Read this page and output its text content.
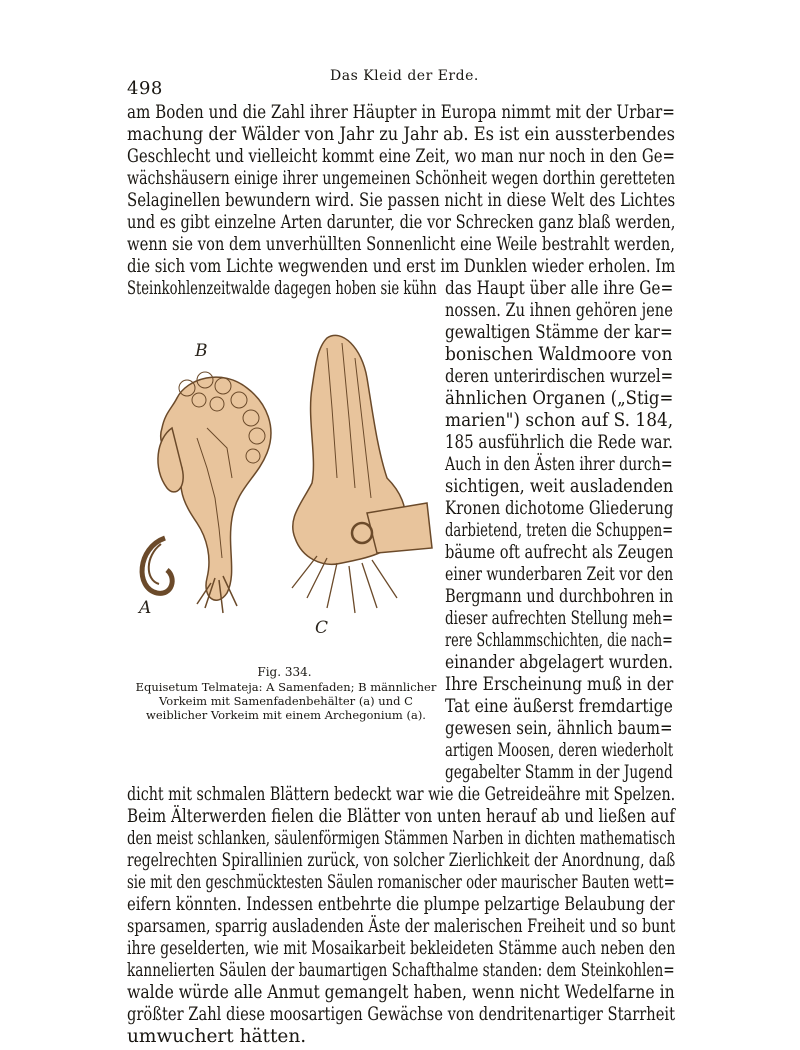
498
Das Kleid der Erde.
am Boden und die Zahl ihrer Häupter in Europa nimmt mit der Urbar=
machung der Wälder von Jahr zu Jahr ab. Es ist ein aussterbendes
Geschlecht und vielleicht kommt eine Zeit, wo man nur noch in den Ge=
wächshäusern einige ihrer ungemeinen Schönheit wegen dorthin geretteten
Selaginellen bewundern wird. Sie passen nicht in diese Welt des Lichtes
und es gibt einzelne Arten darunter, die vor Schrecken ganz blaß werden,
wenn sie von dem unverhüllten Sonnenlicht eine Weile bestrahlt werden,
die sich vom Lichte wegwenden und erst im Dunklen wieder erholen. Im
Steinkohlenzeitwalde dagegen hoben sie kühn das Haupt über alle ihre Ge=
nossen. Zu ihnen gehören jene
gewaltigen Stämme der kar=
bonischen Waldmoore von
deren unterirdischen wurzel=
ähnlichen Organen („Stig=
marien") schon auf S. 184,
185 ausführlich die Rede war.
Auch in den Ästen ihrer durch=
sichtigen, weit ausladenden
Kronen dichotome Gliederung
darbietend, treten die Schuppen=
bäume oft aufrecht als Zeugen
einer wunderbaren Zeit vor den
Bergmann und durchbohren in
dieser aufrechten Stellung meh=
rere Schlammschichten, die nach=
einander abgelagert wurden.
Ihre Erscheinung muß in der
Tat eine äußerst fremdartige
gewesen sein, ähnlich baum=
artigen Moosen, deren wiederholt
gegabelter Stamm in der Jugend
B
A
C
Fig. 334.
Equisetum Telmateja: A Samenfaden; B männlicher Vorkeim mit Samenfadenbehälter (a) und C weiblicher Vorkeim mit einem Archegonium (a).
dicht mit schmalen Blättern bedeckt war wie die Getreideähre mit Spelzen.
Beim Älterwerden fielen die Blätter von unten herauf ab und ließen auf
den meist schlanken, säulenförmigen Stämmen Narben in dichten mathematisch
regelrechten Spirallinien zurück, von solcher Zierlichkeit der Anordnung, daß
sie mit den geschmücktesten Säulen romanischer oder maurischer Bauten wett=
eifern könnten. Indessen entbehrte die plumpe pelzartige Belaubung der
sparsamen, sparrig ausladenden Äste der malerischen Freiheit und so bunt
ihre geselderten, wie mit Mosaikarbeit bekleideten Stämme auch neben den
kannelierten Säulen der baumartigen Schafthalme standen: dem Steinkohlen=
walde würde alle Anmut gemangelt haben, wenn nicht Wedelfarne in
größter Zahl diese moosartigen Gewächse von dendritenartiger Starrheit
umwuchert hätten.
